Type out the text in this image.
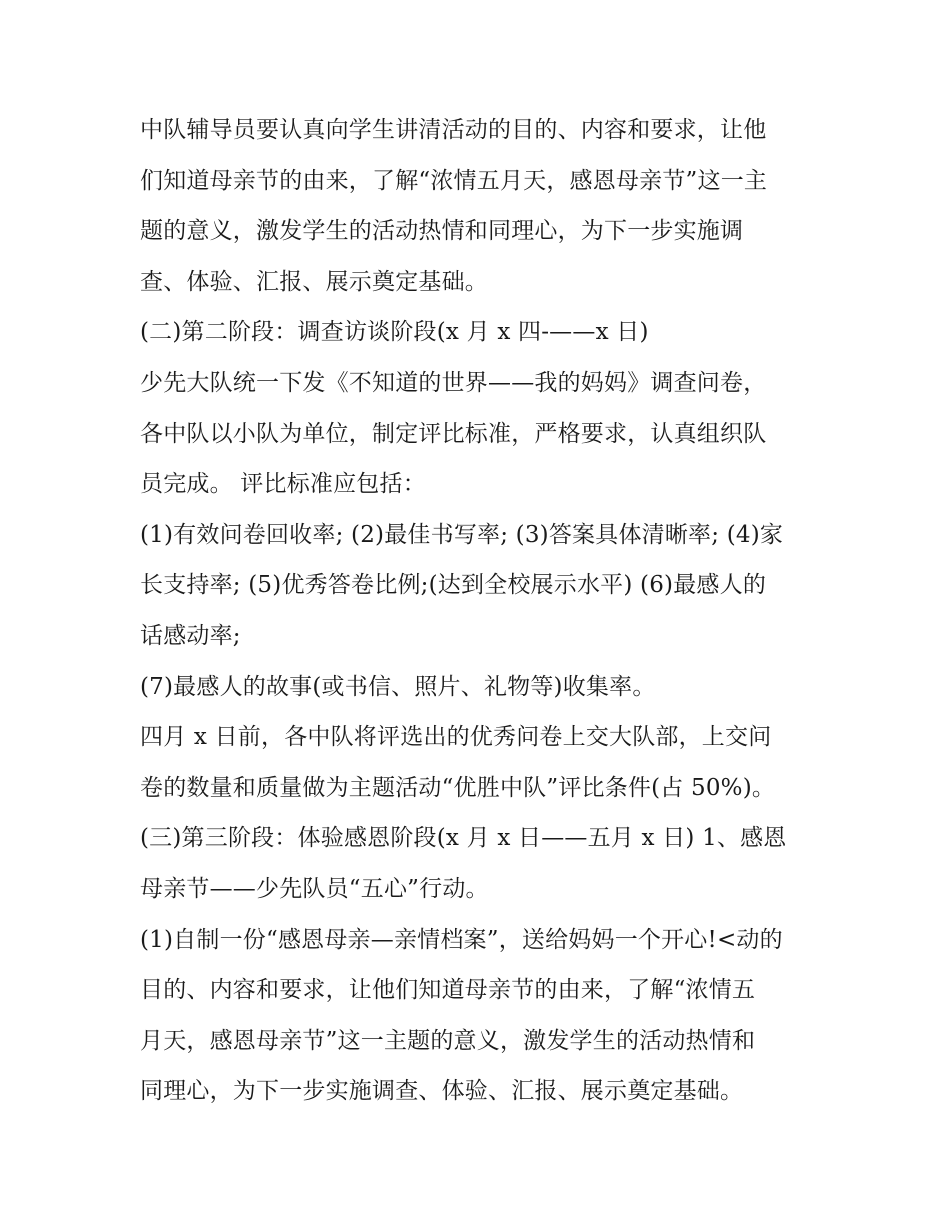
中队辅导员要认真向学生讲清活动的目的、内容和要求，让他
们知道母亲节的由来，了解“浓情五月天，感恩母亲节”这一主
题的意义，激发学生的活动热情和同理心，为下一步实施调
查、体验、汇报、展示奠定基础。
(二)第二阶段：调查访谈阶段(x 月 x 四-——x 日)
少先大队统一下发《不知道的世界——我的妈妈》调查问卷，
各中队以小队为单位，制定评比标准，严格要求，认真组织队
员完成。 评比标准应包括：
(1)有效问卷回收率; (2)最佳书写率; (3)答案具体清晰率; (4)家
长支持率; (5)优秀答卷比例;(达到全校展示水平) (6)最感人的
话感动率;
(7)最感人的故事(或书信、照片、礼物等)收集率。
四月 x 日前，各中队将评选出的优秀问卷上交大队部，上交问
卷的数量和质量做为主题活动“优胜中队”评比条件(占 50%)。
(三)第三阶段：体验感恩阶段(x 月 x 日——五月 x 日) 1、感恩
母亲节——少先队员“五心”行动。
(1)自制一份“感恩母亲—亲情档案”，送给妈妈一个开心!<动的
目的、内容和要求，让他们知道母亲节的由来，了解“浓情五
月天，感恩母亲节”这一主题的意义，激发学生的活动热情和
同理心，为下一步实施调查、体验、汇报、展示奠定基础。
